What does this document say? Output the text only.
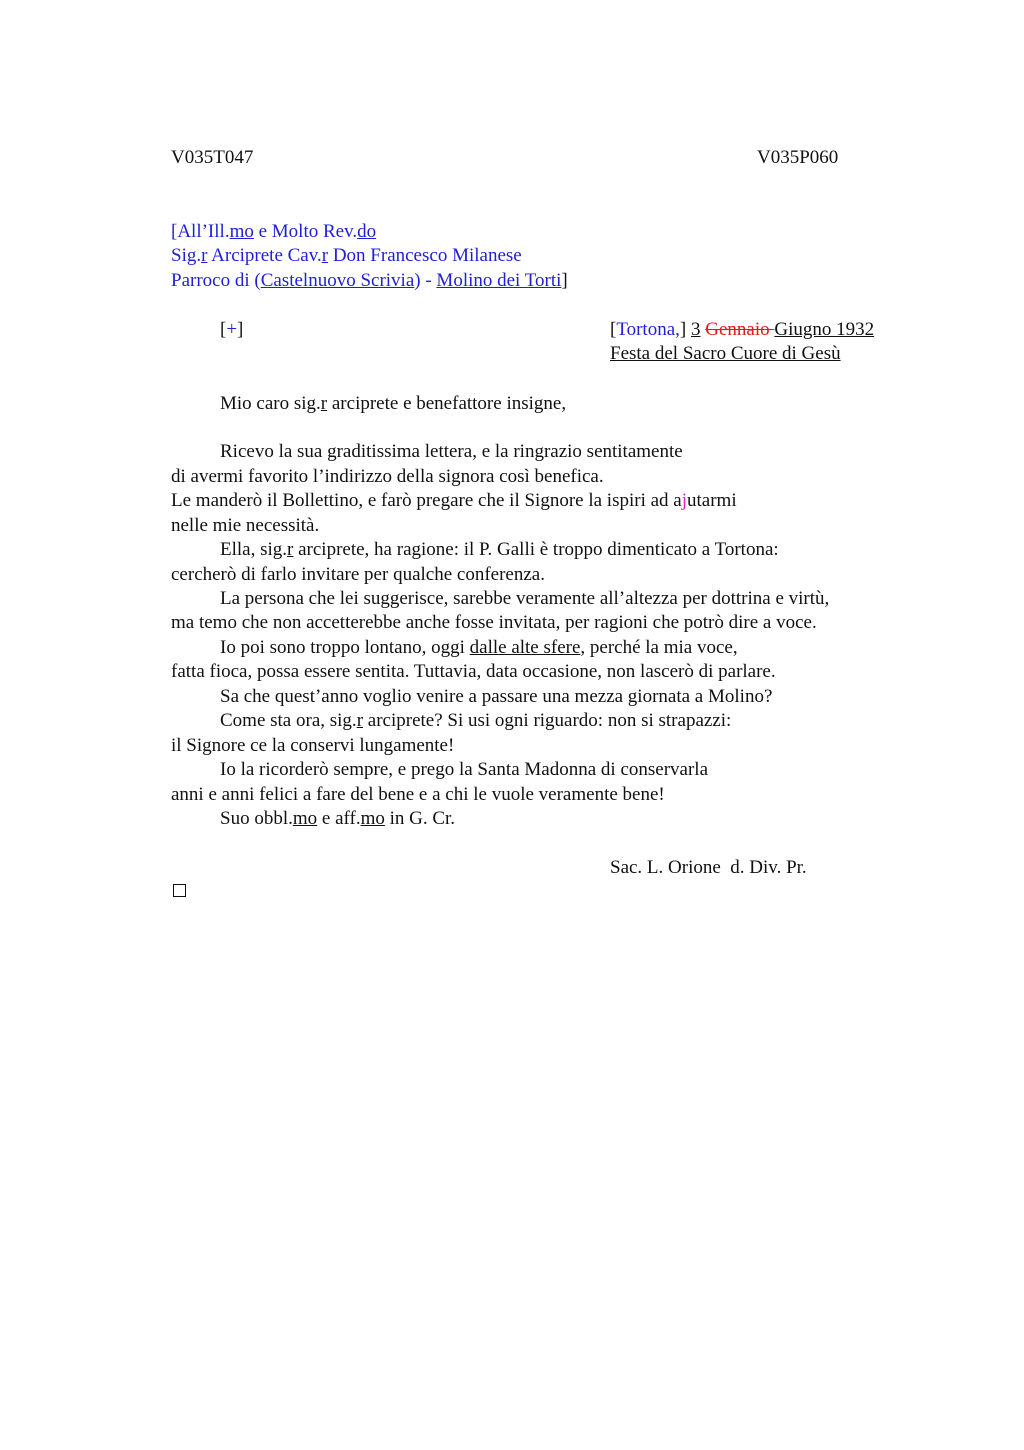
V035T047	V035P060
[All’Ill.mo e Molto Rev.do
Sig.r Arciprete Cav.r Don Francesco Milanese
Parroco di (Castelnuovo Scrivia) - Molino dei Torti]
[+]	[Tortona,] 3 Gennaio Giugno 1932
Festa del Sacro Cuore di Gesù
Mio caro sig.r arciprete e benefattore insigne,
Ricevo la sua graditissima lettera, e la ringrazio sentitamente
di avermi favorito l’indirizzo della signora così benefica.
Le manderò il Bollettino, e farò pregare che il Signore la ispiri ad ajutarmi
nelle mie necessità.
Ella, sig.r arciprete, ha ragione: il P. Galli è troppo dimenticato a Tortona:
cercherò di farlo invitare per qualche conferenza.
La persona che lei suggerisce, sarebbe veramente all’altezza per dottrina e virtù,
ma temo che non accetterebbe anche fosse invitata, per ragioni che potrò dire a voce.
Io poi sono troppo lontano, oggi dalle alte sfere, perché la mia voce,
fatta fioca, possa essere sentita. Tuttavia, data occasione, non lascerò di parlare.
Sa che quest’anno voglio venire a passare una mezza giornata a Molino?
Come sta ora, sig.r arciprete? Si usi ogni riguardo: non si strapazzi:
il Signore ce la conservi lungamente!
Io la ricorderò sempre, e prego la Santa Madonna di conservarla
anni e anni felici a fare del bene e a chi le vuole veramente bene!
Suo obbl.mo e aff.mo in G. Cr.
Sac. L. Orione  d. Div. Pr.
